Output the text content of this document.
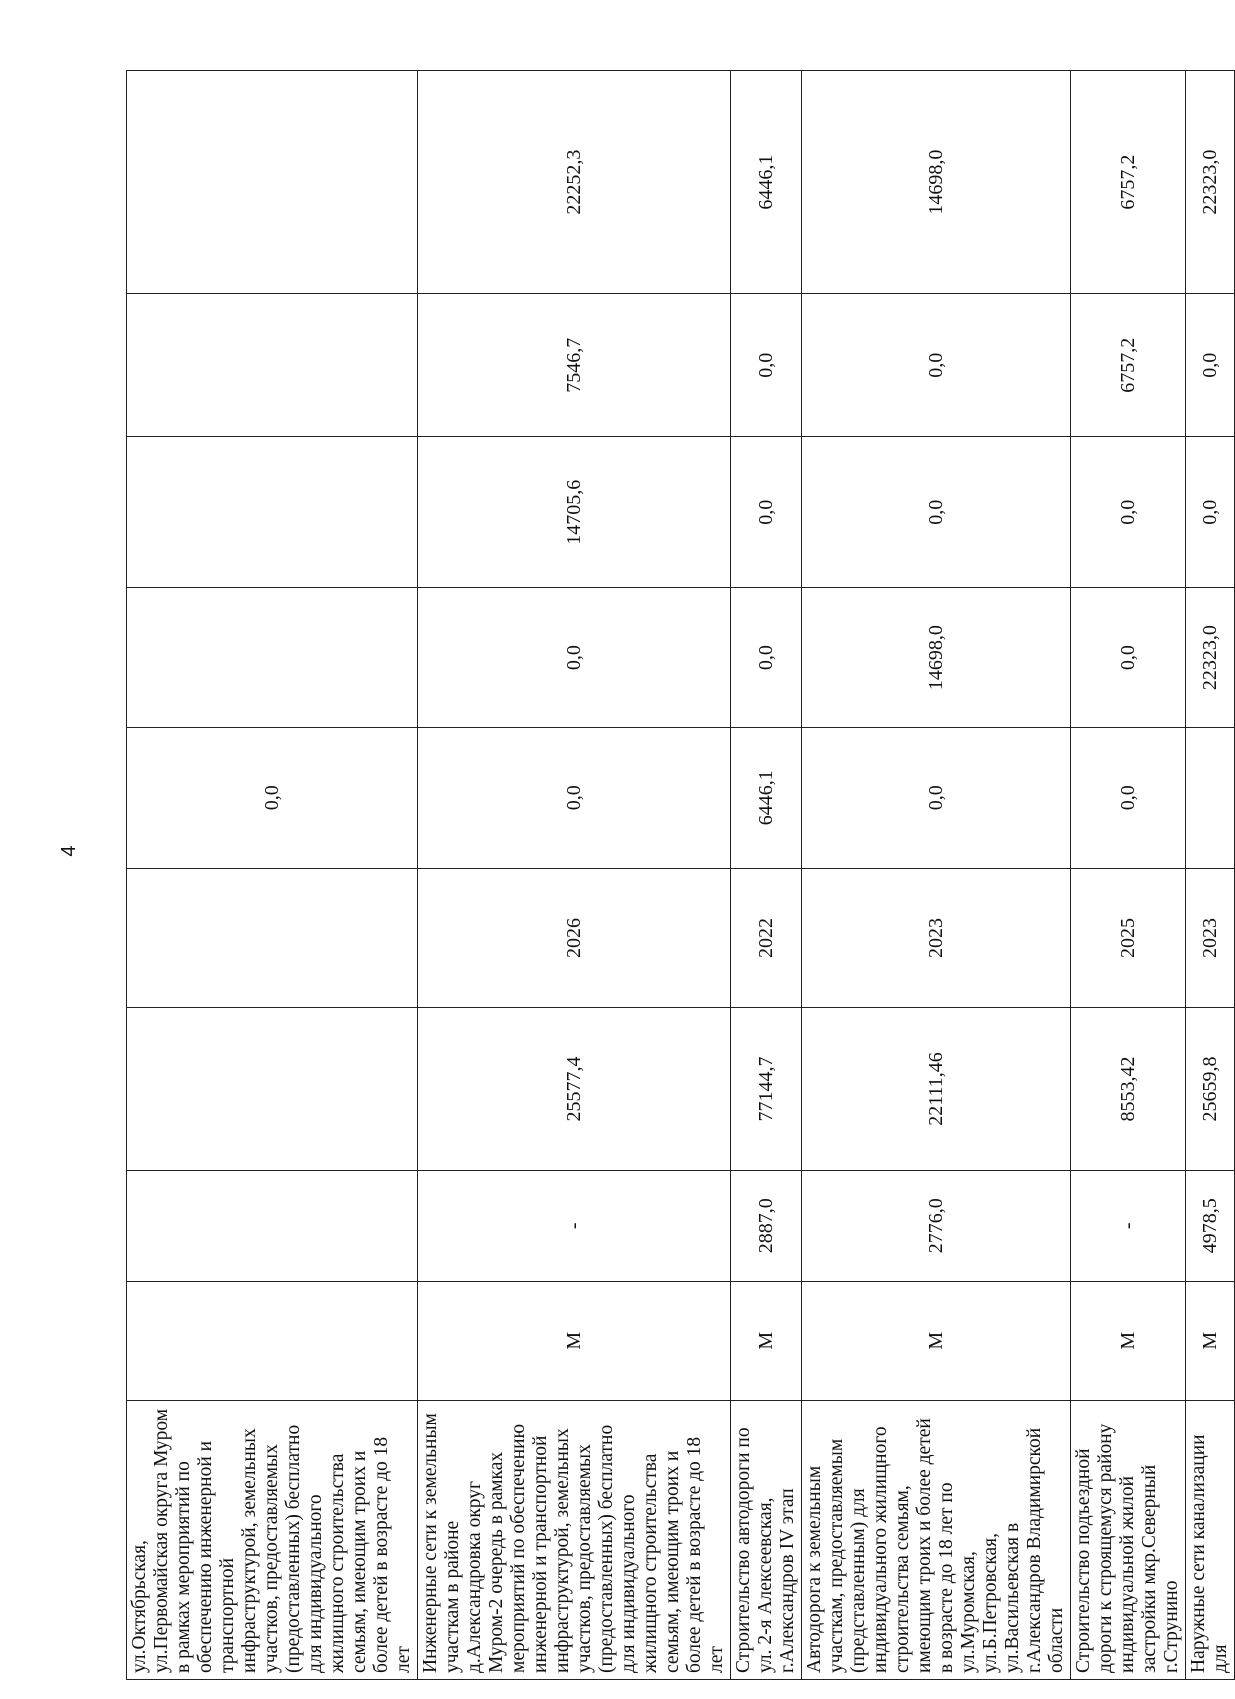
4
ул.Октябрьская, ул.Первомайская округа Муром в рамках мероприятий по обеспечению инженерной и транспортной инфраструктурой, земельных участков, предоставляемых (предоставленных) бесплатно для индивидуального жилищного строительства семьям, имеющим троих и более детей в возрасте до 18 лет					0,0				
Инженерные сети к земельным участкам в районе д.Александровка округ Муром-2 очередь в рамках мероприятий по обеспечению инженерной и транспортной инфраструктурой, земельных участков, предоставляемых (предоставленных) бесплатно для индивидуального жилищного строительства семьям, имеющим троих и более детей в возрасте до 18 лет	М	-	25577,4	2026	0,0	0,0	14705,6	7546,7	22252,3
Строительство автодороги по ул. 2-я Алексеевская, г.Александров IV этап	М	2887,0	77144,7	2022	6446,1	0,0	0,0	0,0	6446,1
Автодорога к земельным участкам, предоставляемым (представленным) для индивидуального жилищного строительства семьям, имеющим троих и более детей в возрасте до 18 лет по ул.Муромская, ул.Б.Петровская, ул.Васильевская в г.Александров Владимирской области	М	2776,0	22111,46	2023	0,0	14698,0	0,0	0,0	14698,0
Строительство подъездной дороги к строящемуся району индивидуальной жилой застройки мкр.Северный г.Струнино	М	-	8553,42	2025	0,0	0,0	0,0	6757,2	6757,2
Наружные сети канализации для	М	4978,5	25659,8	2023		22323,0	0,0	0,0	22323,0
